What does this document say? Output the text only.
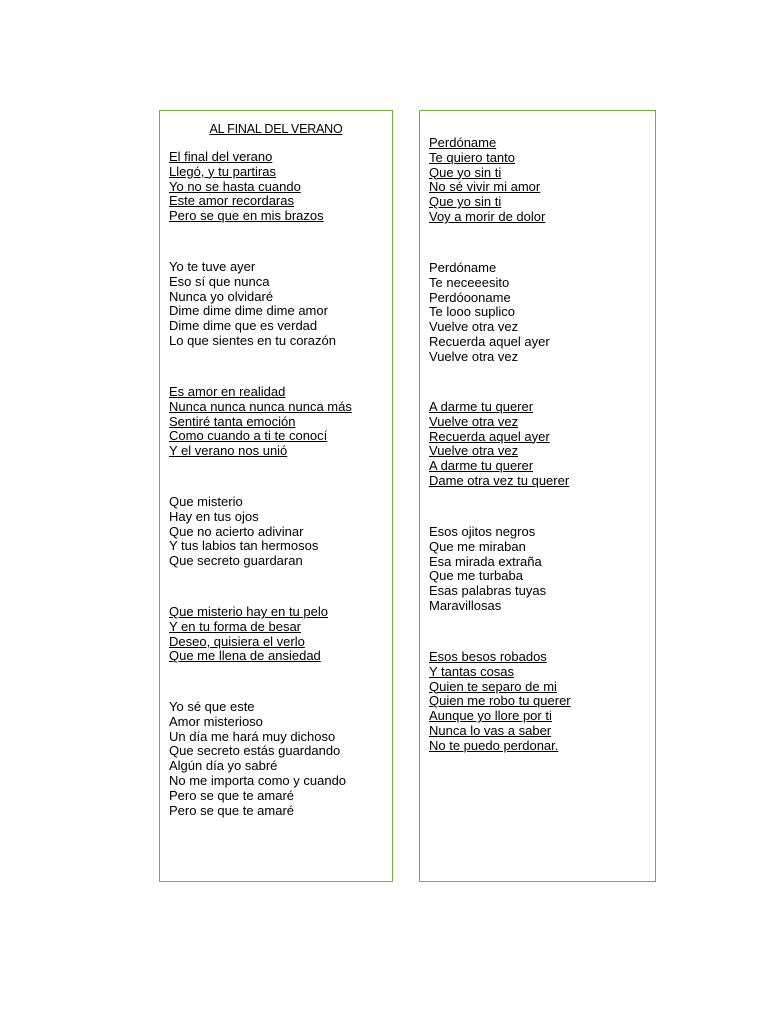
AL FINAL DEL VERANO
El final del verano
Llegó, y tu partiras
Yo no se hasta cuando
Este amor recordaras
Pero se que en mis brazos
Yo te tuve ayer
Eso sí que nunca
Nunca yo olvidaré
Dime dime dime dime amor
Dime dime que es verdad
Lo que sientes en tu corazón
Es amor en realidad
Nunca nunca nunca nunca más
Sentiré tanta emoción
Como cuando a ti te conocí
Y el verano nos unió
Que misterio
Hay en tus ojos
Que no acierto adivinar
Y tus labios tan hermosos
Que secreto guardaran
Que misterio hay en tu pelo
Y en tu forma de besar
Deseo, quisiera el verlo
Que me llena de ansiedad
Yo sé que este
Amor misterioso
Un día me hará muy dichoso
Que secreto estás guardando
Algún día yo sabré
No me importa como y cuando
Pero se que te amaré
Pero se que te amaré
Perdóname
Te quiero tanto
Que yo sin ti
No sé vivir mi amor
Que yo sin ti
Voy a morir de dolor
Perdóname
Te neceeesito
Perdóooname
Te looo suplico
Vuelve otra vez
Recuerda aquel ayer
Vuelve otra vez
A darme tu querer
Vuelve otra vez
Recuerda aquel ayer
Vuelve otra vez
A darme tu querer
Dame otra vez tu querer
Esos ojitos negros
Que me miraban
Esa mirada extraña
Que me turbaba
Esas palabras tuyas
Maravillosas
Esos besos robados
Y tantas cosas
Quien te separo de mi
Quien me robo tu querer
Aunque yo llore por ti
Nunca lo vas a saber
No te puedo perdonar.
